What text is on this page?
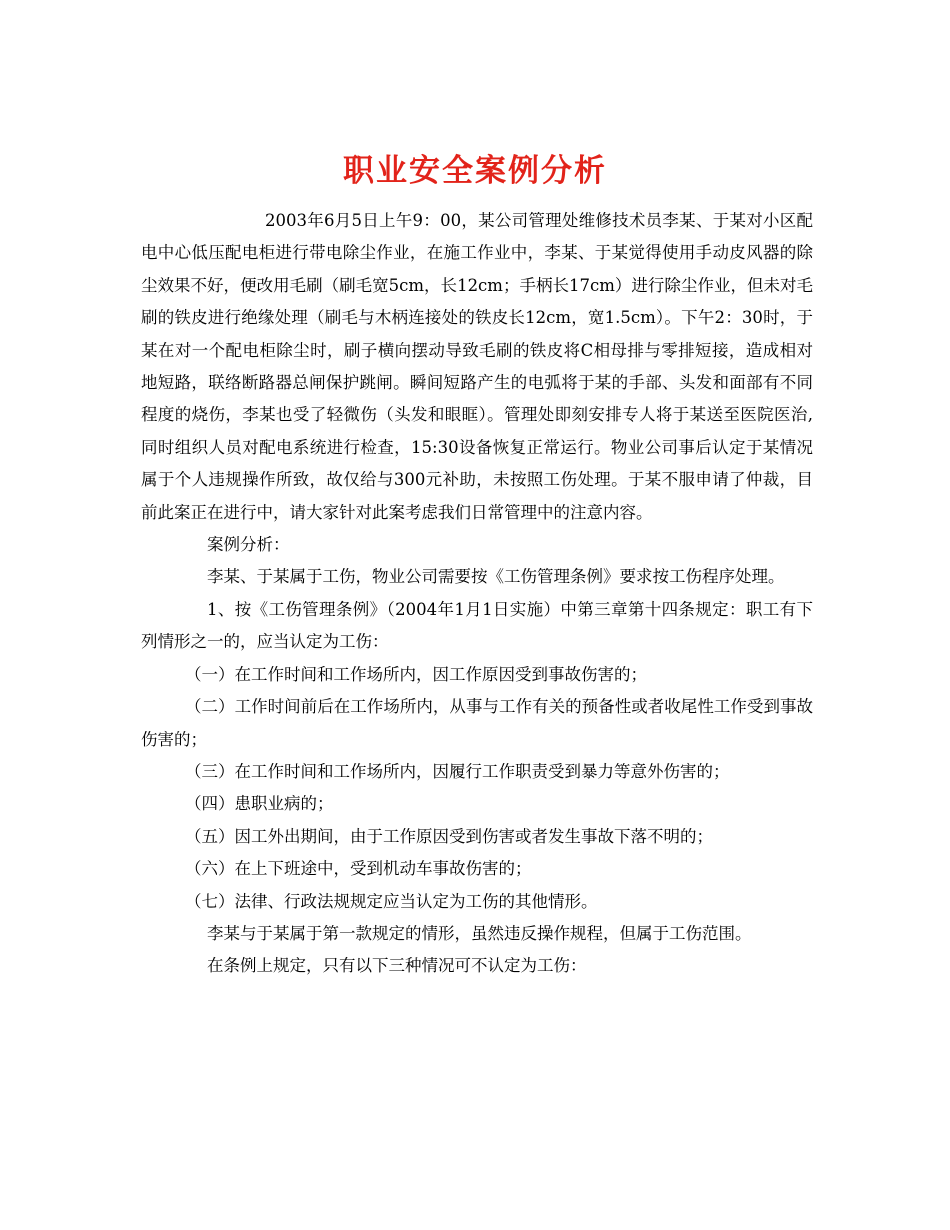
职业安全案例分析

2003年6月5日上午9：00，某公司管理处维修技术员李某、于某对小区配电中心低压配电柜进行带电除尘作业，在施工作业中，李某、于某觉得使用手动皮风器的除尘效果不好，便改用毛刷（刷毛宽5cm，长12cm；手柄长17cm）进行除尘作业，但未对毛刷的铁皮进行绝缘处理（刷毛与木柄连接处的铁皮长12cm，宽1.5cm）。下午2：30时，于某在对一个配电柜除尘时，刷子横向摆动导致毛刷的铁皮将C相母排与零排短接，造成相对地短路，联络断路器总闸保护跳闸。瞬间短路产生的电弧将于某的手部、头发和面部有不同程度的烧伤，李某也受了轻微伤（头发和眼眶）。管理处即刻安排专人将于某送至医院医治,同时组织人员对配电系统进行检查，15:30设备恢复正常运行。物业公司事后认定于某情况属于个人违规操作所致，故仅给与300元补助，未按照工伤处理。于某不服申请了仲裁，目前此案正在进行中，请大家针对此案考虑我们日常管理中的注意内容。

案例分析：

李某、于某属于工伤，物业公司需要按《工伤管理条例》要求按工伤程序处理。

1、按《工伤管理条例》（2004年1月1日实施）中第三章第十四条规定：职工有下列情形之一的，应当认定为工伤：

（一）在工作时间和工作场所内，因工作原因受到事故伤害的；

（二）工作时间前后在工作场所内，从事与工作有关的预备性或者收尾性工作受到事故伤害的；

（三）在工作时间和工作场所内，因履行工作职责受到暴力等意外伤害的；

（四）患职业病的；

（五）因工外出期间，由于工作原因受到伤害或者发生事故下落不明的；

（六）在上下班途中，受到机动车事故伤害的；

（七）法律、行政法规规定应当认定为工伤的其他情形。

李某与于某属于第一款规定的情形，虽然违反操作规程，但属于工伤范围。

在条例上规定，只有以下三种情况可不认定为工伤：
